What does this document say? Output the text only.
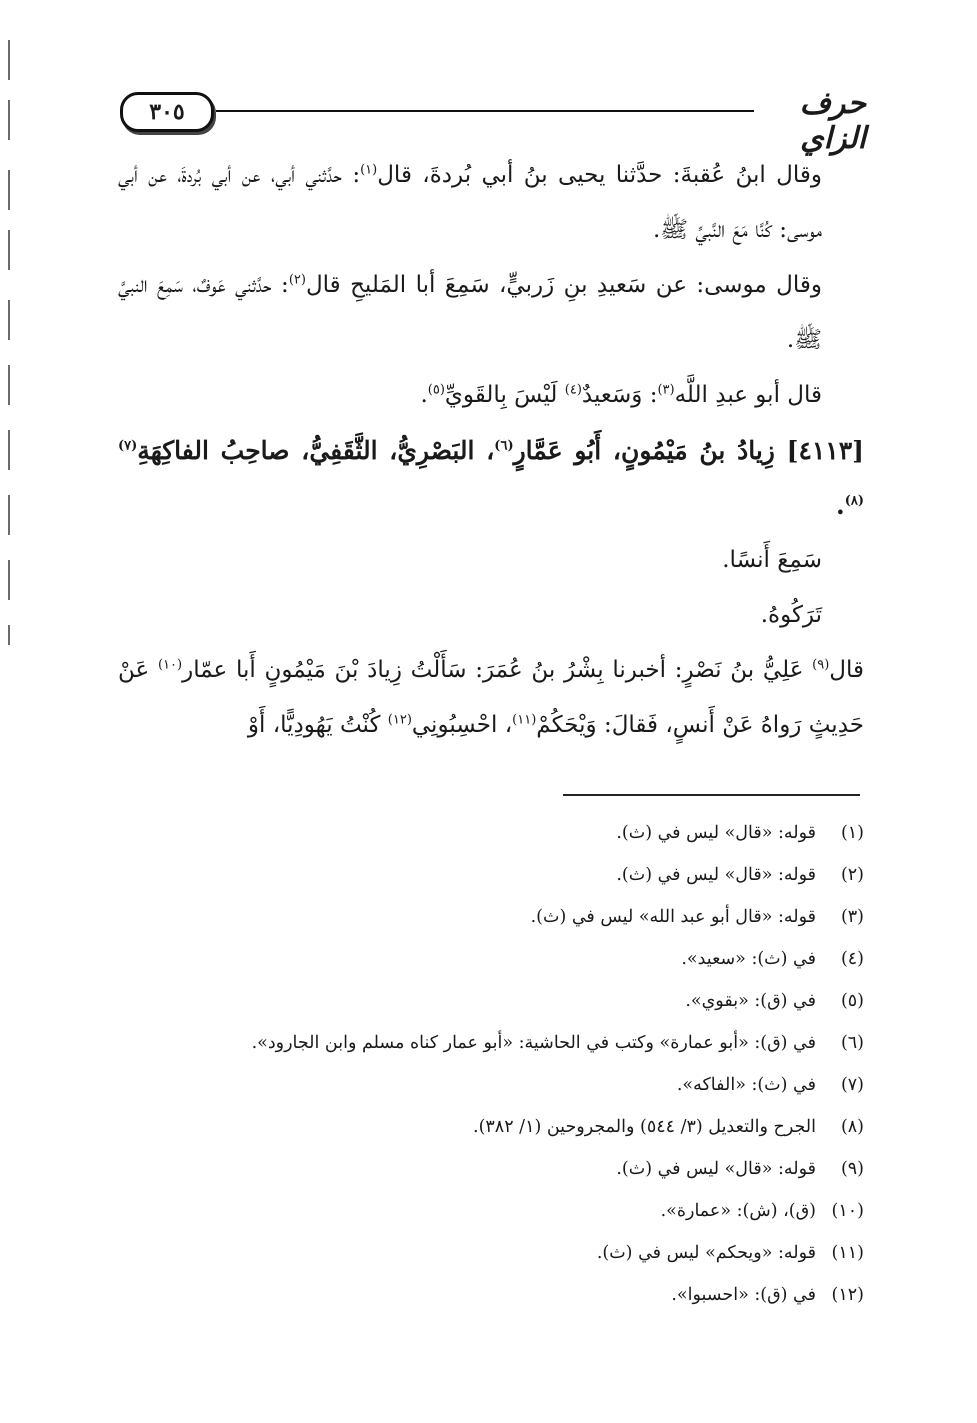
٣٠٥	حرف الزاي

وقال ابنُ عُقبةَ: حدَّثنا يحيى بنُ أبي بُردةَ، قال$^{(١)}$: حدَّثني أبي، عن أبي بُردةَ، عن أبي موسى: كُنَّا مَعَ النَّبيِّ ﷺ.

وقال موسى: عن سَعيدِ بنِ زَربيٍّ، سَمِعَ أبا المَليحِ قال$^{(٢)}$: حدَّثني عَوفٌ، سَمِعَ النبيَّ ﷺ.

قال أبو عبدِ اللَّه$^{(٣)}$: وَسَعيدٌ$^{(٤)}$ لَيْسَ بِالقَويِّ$^{(٥)}$.

[٤١١٣] زِيادُ بنُ مَيْمُونٍ، أَبُو عَمَّارٍ$^{(٦)}$، البَصْرِيُّ، الثَّقَفِيُّ، صاحِبُ الفاكِهَةِ$^{(٧)(٨)}$.

سَمِعَ أَنسًا.

تَرَكُوهُ.

قال$^{(٩)}$ عَلِيُّ بنُ نَصْرٍ: أخبرنا بِشْرُ بنُ عُمَرَ: سَأَلْتُ زِيادَ بْنَ مَيْمُونٍ أَبا عمّار$^{(١٠)}$ عَنْ حَدِيثٍ رَواهُ عَنْ أَنسٍ، فَقالَ: وَيْحَكُمْ$^{(١١)}$، احْسِبُونِي$^{(١٢)}$ كُنْتُ يَهُودِيًّا، أَوْ

(١)
قوله: «قال» ليس في (ث).
(٢)
قوله: «قال» ليس في (ث).
(٣)
قوله: «قال أبو عبد الله» ليس في (ث).
(٤)
في (ث): «سعيد».
(٥)
في (ق): «بقوي».
(٦)
في (ق): «أبو عمارة» وكتب في الحاشية: «أبو عمار كناه مسلم وابن الجارود».
(٧)
في (ث): «الفاكه».
(٨)
الجرح والتعديل (٣/ ٥٤٤) والمجروحين (١/ ٣٨٢).
(٩)
قوله: «قال» ليس في (ث).
(١٠)
(ق)، (ش): «عمارة».
(١١)
قوله: «ويحكم» ليس في (ث).
(١٢)
في (ق): «احسبوا».
